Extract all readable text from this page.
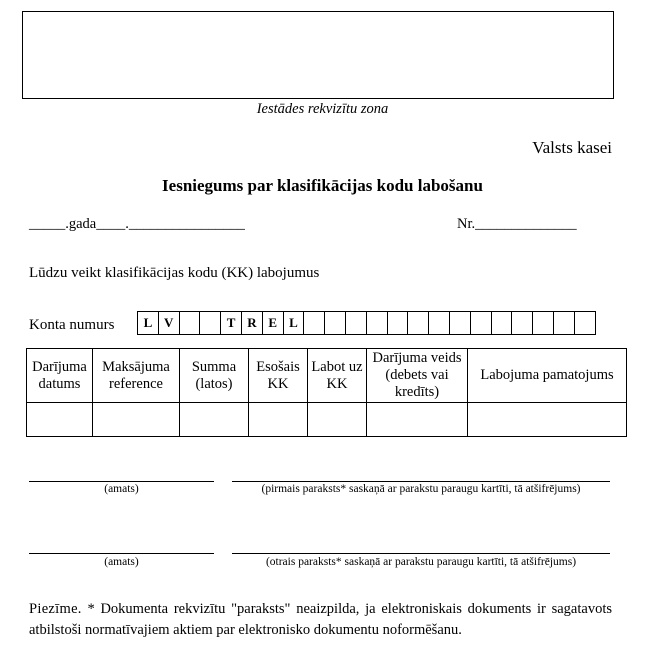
Iestādes rekvizītu zona
Valsts kasei
Iesniegums par klasifikācijas kodu labošanu
_____.gada____.________________	Nr.______________
Lūdzu veikt klasifikācijas kodu (KK) labojumus
Konta numurs	L V	T R E L
Darījuma datums	Maksājuma reference	Summa (latos)	Esošais KK	Labot uz KK	Darījuma veids (debets vai kredīts)	Labojuma pamatojums

(amats)	(pirmais paraksts* saskaņā ar parakstu paraugu kartīti, tā atšifrējums)
(amats)	(otrais paraksts* saskaņā ar parakstu paraugu kartīti, tā atšifrējums)
Piezīme. * Dokumenta rekvizītu "paraksts" neaizpilda, ja elektroniskais dokuments ir sagatavots atbilstoši normatīvajiem aktiem par elektronisko dokumentu noformēšanu.
